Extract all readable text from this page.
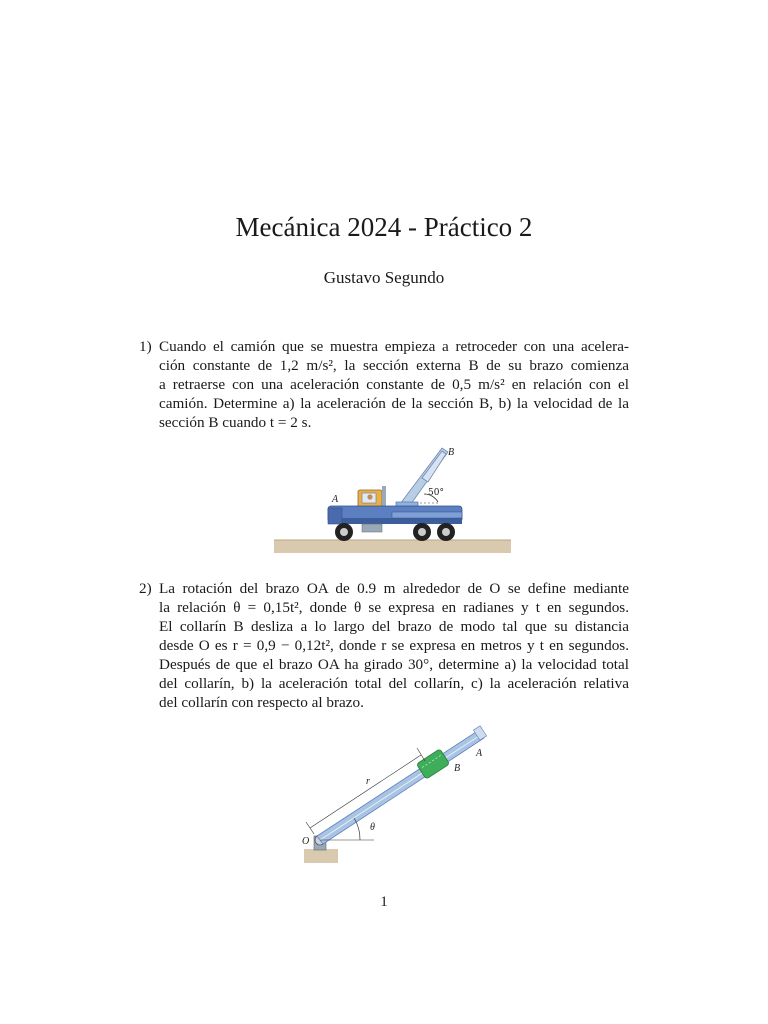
Mecánica 2024 - Práctico 2
Gustavo Segundo
1) Cuando el camión que se muestra empieza a retroceder con una acelera-
ción constante de 1,2 m/s², la sección externa B de su brazo comienza
a retraerse con una aceleración constante de 0,5 m/s² en relación con el
camión. Determine a) la aceleración de la sección B, b) la velocidad de la
sección B cuando t = 2 s.
50°
B
A
2) La rotación del brazo OA de 0.9 m alrededor de O se define mediante
la relación θ = 0,15t², donde θ se expresa en radianes y t en segundos.
El collarín B desliza a lo largo del brazo de modo tal que su distancia
desde O es r = 0,9 − 0,12t², donde r se expresa en metros y t en segundos.
Después de que el brazo OA ha girado 30°, determine a) la velocidad total
del collarín, b) la aceleración total del collarín, c) la aceleración relativa
del collarín con respecto al brazo.
r
θ
O
A
B
1
